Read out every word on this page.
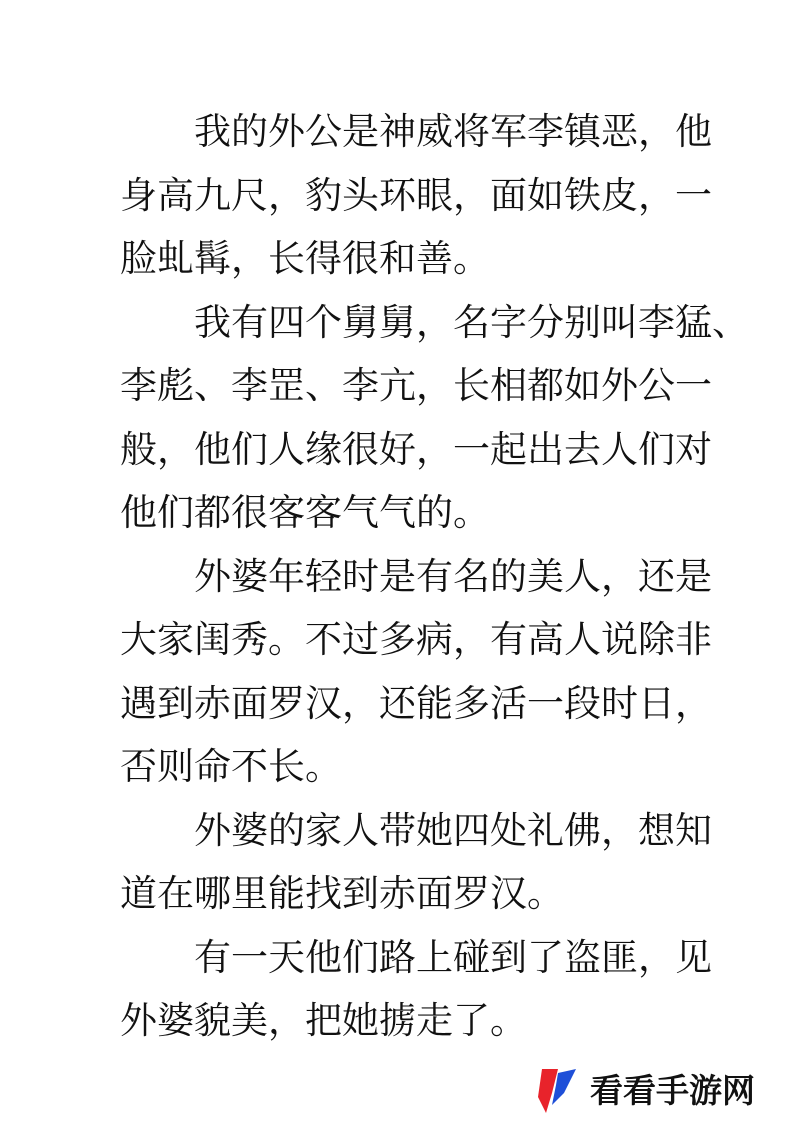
我的外公是神威将军李镇恶，他
身高九尺，豹头环眼，面如铁皮，一
脸虬髯，长得很和善。
我有四个舅舅，名字分别叫李猛、
李彪、李罡、李亢，长相都如外公一
般，他们人缘很好，一起出去人们对
他们都很客客气气的。
外婆年轻时是有名的美人，还是
大家闺秀。不过多病，有高人说除非
遇到赤面罗汉，还能多活一段时日，
否则命不长。
外婆的家人带她四处礼佛，想知
道在哪里能找到赤面罗汉。
有一天他们路上碰到了盗匪，见
外婆貌美，把她掳走了。
看看手游网
